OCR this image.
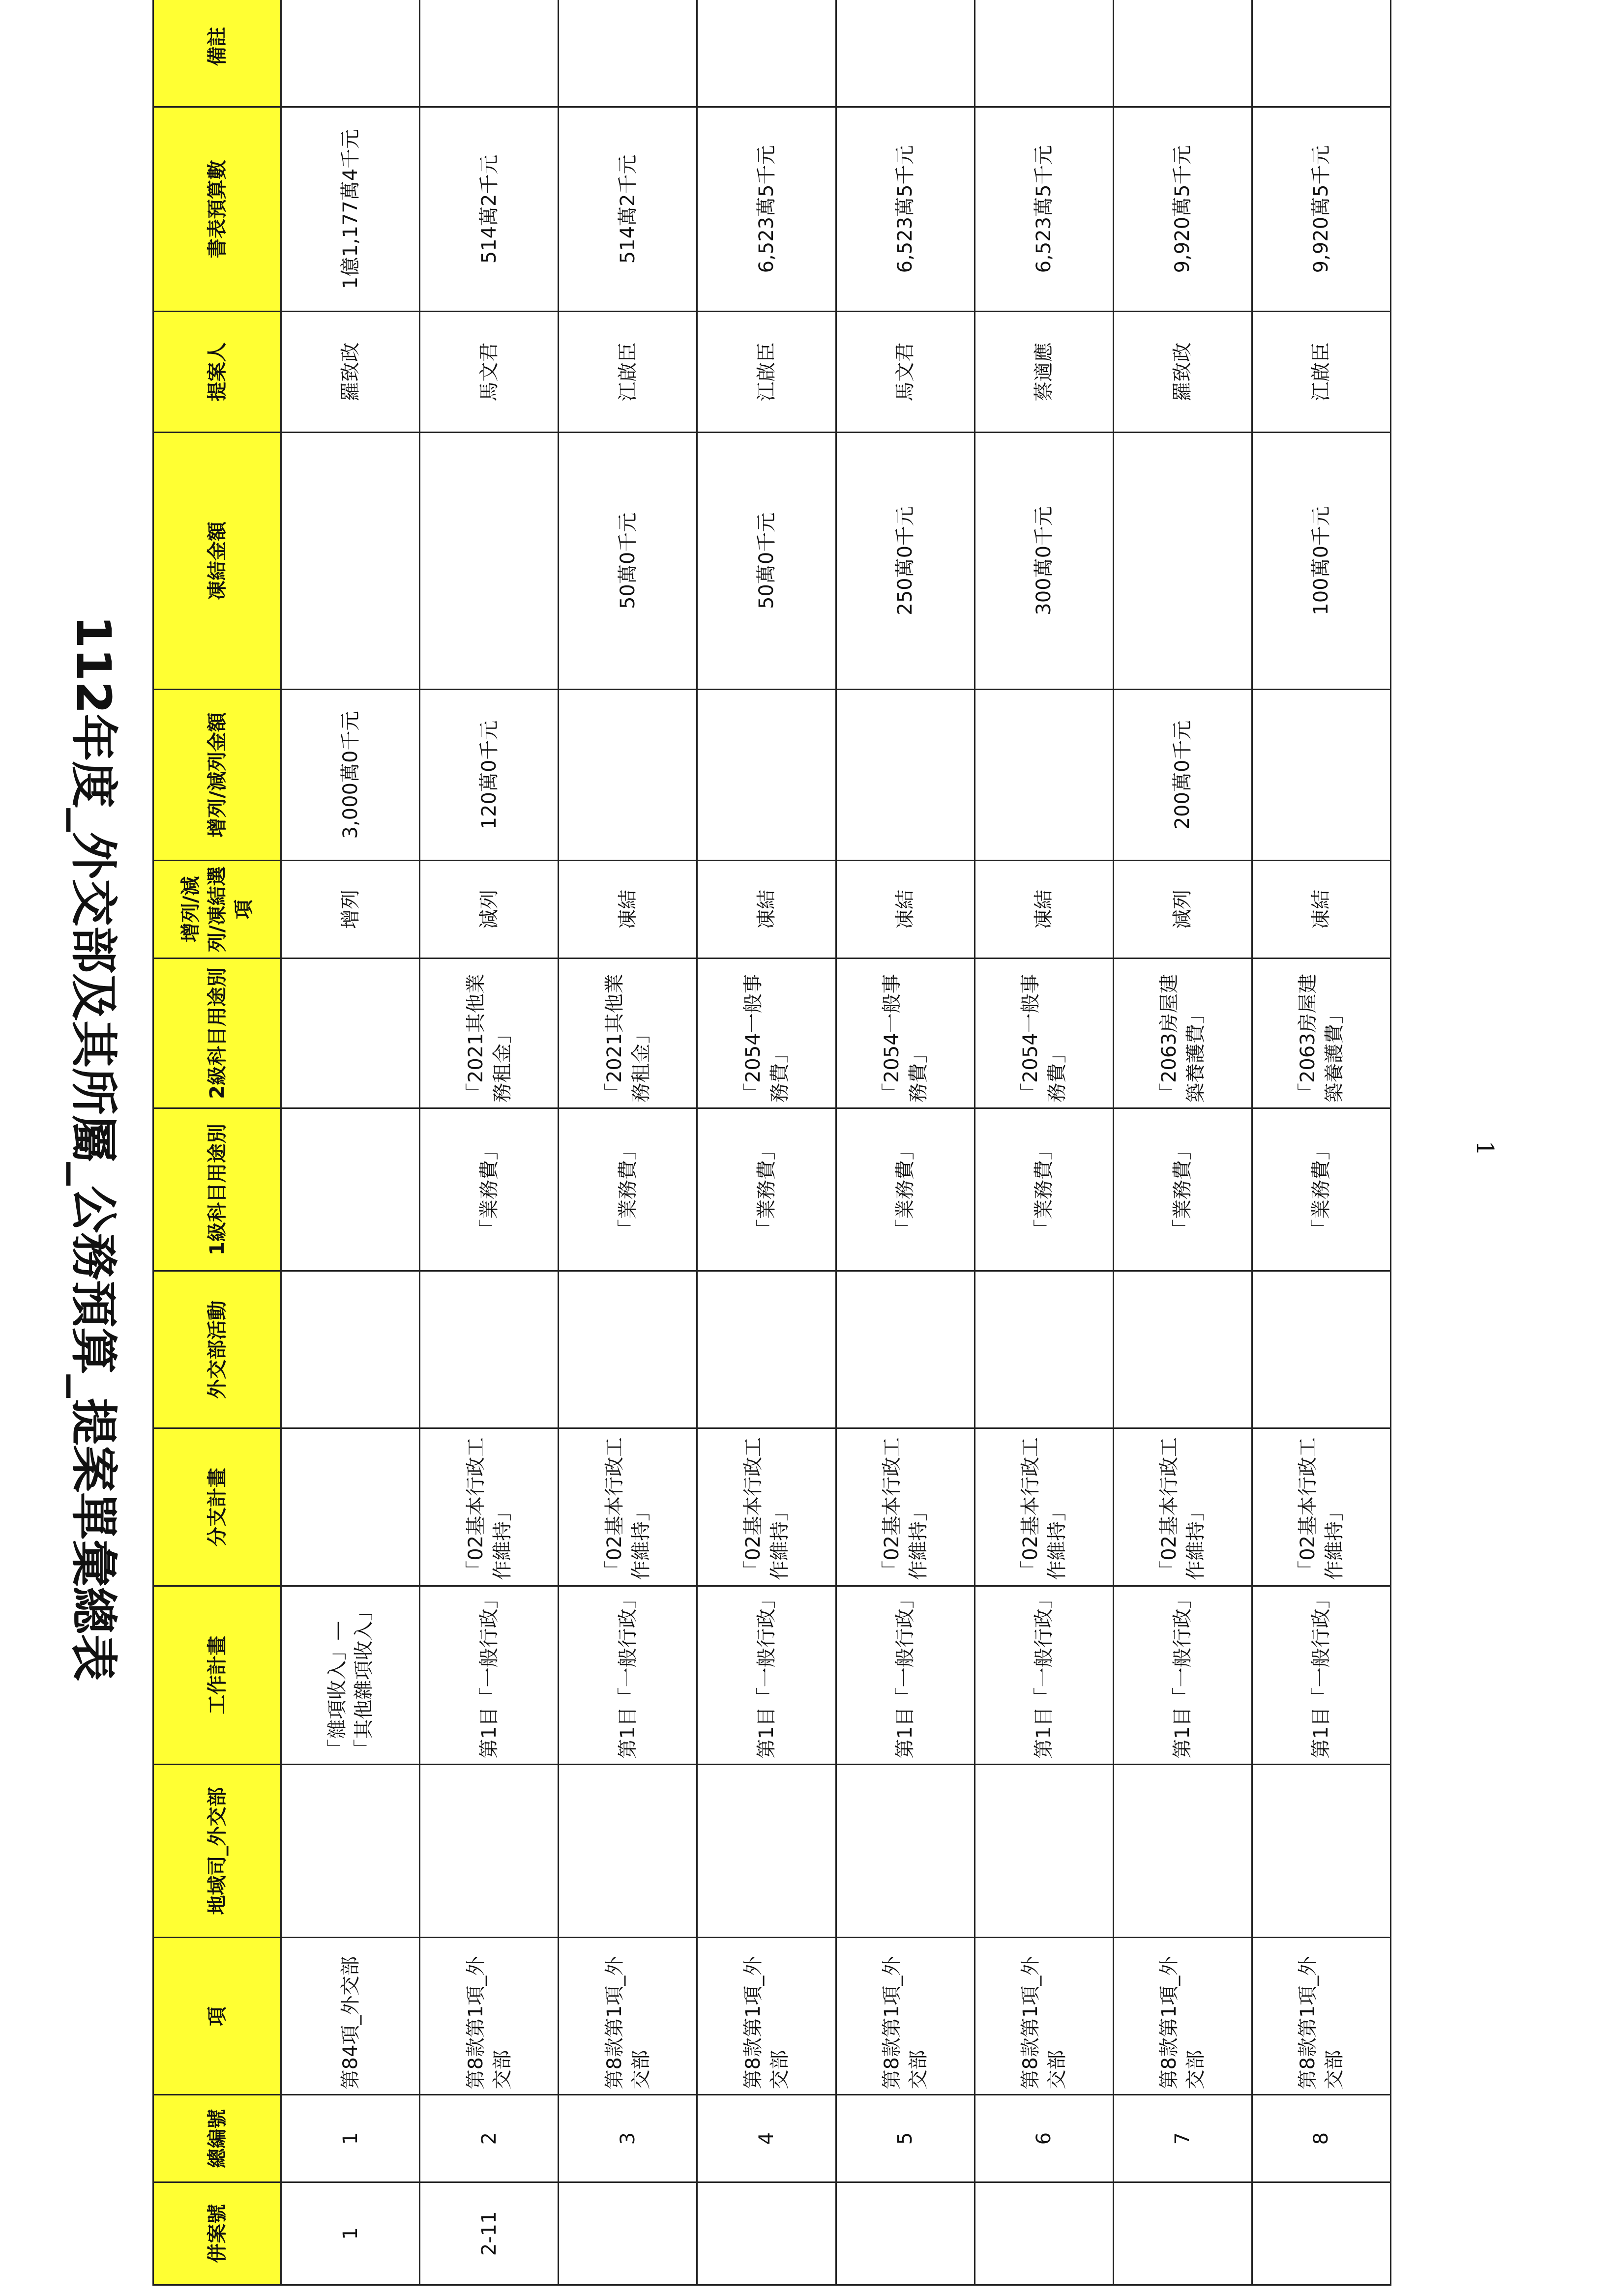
112年度_外交部及其所屬_公務預算_提案單彙總表
併案號	總編號	項	地域司_外交部	工作計畫	分支計畫	外交部活動	1級科目用途別	2級科目用途別	增列/減列/凍結選項	增列/減列金額	凍結金額	提案人	書表預算數	備註
1	1	第84項_外交部		「雜項收入」—「其他雜項收入」					增列	3,000萬0千元		羅致政	1億1,177萬4千元	
2-11	2	第8款第1項_外交部		第1目「一般行政」	「02基本行政工作維持」		「業務費」	「2021其他業務租金」	減列	120萬0千元		馬文君	514萬2千元	
	3	第8款第1項_外交部		第1目「一般行政」	「02基本行政工作維持」		「業務費」	「2021其他業務租金」	凍結		50萬0千元	江啟臣	514萬2千元	
	4	第8款第1項_外交部		第1目「一般行政」	「02基本行政工作維持」		「業務費」	「2054一般事務費」	凍結		50萬0千元	江啟臣	6,523萬5千元	
	5	第8款第1項_外交部		第1目「一般行政」	「02基本行政工作維持」		「業務費」	「2054一般事務費」	凍結		250萬0千元	馬文君	6,523萬5千元	
	6	第8款第1項_外交部		第1目「一般行政」	「02基本行政工作維持」		「業務費」	「2054一般事務費」	凍結		300萬0千元	蔡適應	6,523萬5千元	
	7	第8款第1項_外交部		第1目「一般行政」	「02基本行政工作維持」		「業務費」	「2063房屋建築養護費」	減列	200萬0千元		羅致政	9,920萬5千元	
	8	第8款第1項_外交部		第1目「一般行政」	「02基本行政工作維持」		「業務費」	「2063房屋建築養護費」	凍結		100萬0千元	江啟臣	9,920萬5千元	
1
